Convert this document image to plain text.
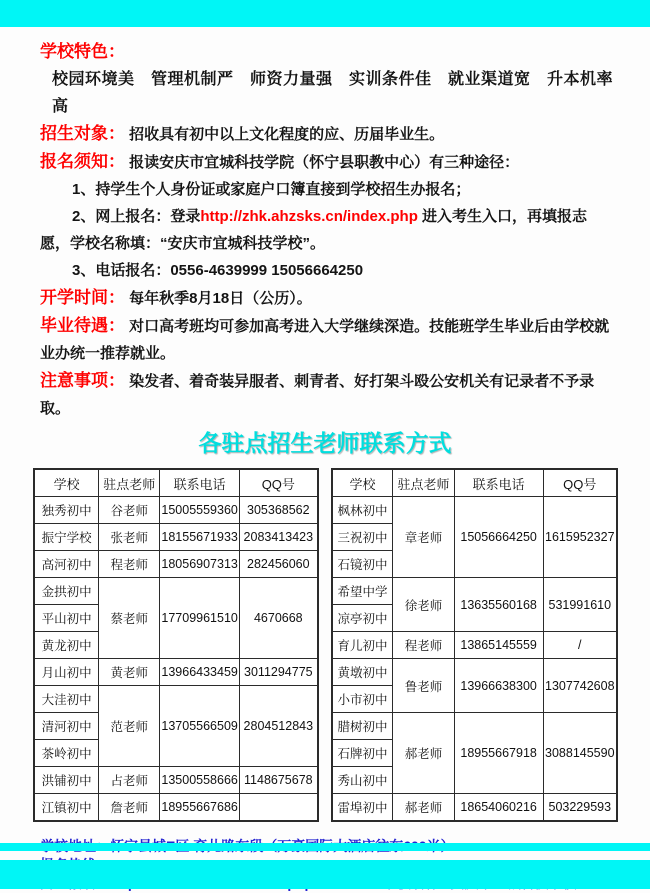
学校特色：

校园环境美　管理机制严　师资力量强　实训条件佳　就业渠道宽　升本机率高

招生对象： 招收具有初中以上文化程度的应、历届毕业生。

报名须知： 报读安庆市宜城科技学院（怀宁县职教中心）有三种途径：

1、持学生个人身份证或家庭户口簿直接到学校招生办报名；

2、网上报名：登录http://zhk.ahzsks.cn/index.php 进入考生入口，再填报志愿，学校名称填：“安庆市宜城科技学校”。

3、电话报名：0556-4639999 15056664250

开学时间： 每年秋季8月18日（公历）。

毕业待遇： 对口高考班均可参加高考进入大学继续深造。技能班学生毕业后由学校就业办统一推荐就业。

注意事项： 染发者、着奇装异服者、刺青者、好打架斗殴公安机关有记录者不予录取。

各驻点招生老师联系方式
学校	驻点老师	联系电话	QQ号
独秀初中	谷老师	15005559360	305368562
振宁学校	张老师	18155671933	2083413423
高河初中	程老师	18056907313	282456060
金拱初中	蔡老师	17709961510	4670668
平山初中			
黄龙初中			
月山初中	黄老师	13966433459	3011294775
大洼初中	范老师	13705566509	2804512843
清河初中			
茶岭初中			
洪铺初中	占老师	13500558666	1148675678
江镇初中	詹老师	18955667686	
学校	驻点老师	联系电话	QQ号
枫林初中	章老师	15056664250	1615952327
三祝初中			
石镜初中			
希望中学	徐老师	13635560168	531991610
凉亭初中			
育儿初中	程老师	13865145559	/
黄墩初中	鲁老师	13966638300	1307742608
小市初中			
腊树初中	郝老师	18955667918	3088145590
石牌初中			
秀山初中			
雷埠初中	郝老师	18654060216	503229593
